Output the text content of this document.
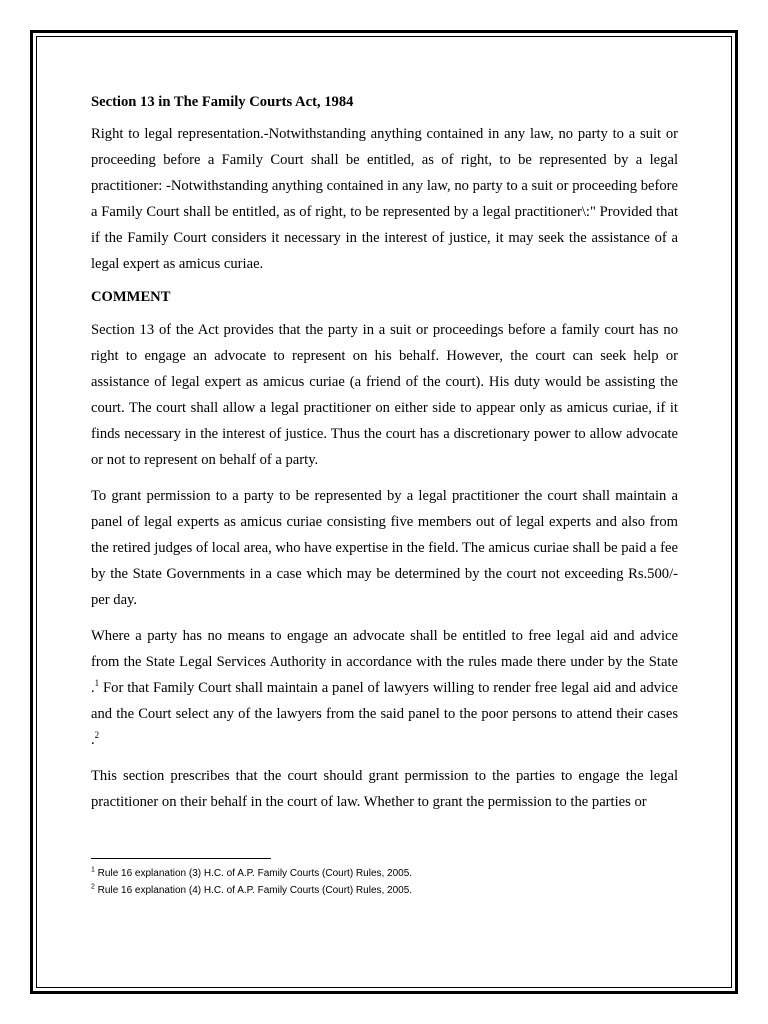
Section 13 in The Family Courts Act, 1984

Right to legal representation.-Notwithstanding anything contained in any law, no party to a suit or proceeding before a Family Court shall be entitled, as of right, to be represented by a legal practitioner: -Notwithstanding anything contained in any law, no party to a suit or proceeding before a Family Court shall be entitled, as of right, to be represented by a legal practitioner\:" Provided that if the Family Court considers it necessary in the interest of justice, it may seek the assistance of a legal expert as amicus curiae.

COMMENT

Section 13 of the Act provides that the party in a suit or proceedings before a family court has no right to engage an advocate to represent on his behalf. However, the court can seek help or assistance of legal expert as amicus curiae (a friend of the court). His duty would be assisting the court. The court shall allow a legal practitioner on either side to appear only as amicus curiae, if it finds necessary in the interest of justice. Thus the court has a discretionary power to allow advocate or not to represent on behalf of a party.

To grant permission to a party to be represented by a legal practitioner the court shall maintain a panel of legal experts as amicus curiae consisting five members out of legal experts and also from the retired judges of local area, who have expertise in the field. The amicus curiae shall be paid a fee by the State Governments in a case which may be determined by the court not exceeding Rs.500/- per day.

Where a party has no means to engage an advocate shall be entitled to free legal aid and advice from the State Legal Services Authority in accordance with the rules made there under by the State .$^1$ For that Family Court shall maintain a panel of lawyers willing to render free legal aid and advice and the Court select any of the lawyers from the said panel to the poor persons to attend their cases .$^2$

This section prescribes that the court should grant permission to the parties to engage the legal practitioner on their behalf in the court of law. Whether to grant the permission to the parties or

$^1$ Rule 16 explanation (3) H.C. of A.P. Family Courts (Court) Rules, 2005.
$^2$ Rule 16 explanation (4) H.C. of A.P. Family Courts (Court) Rules, 2005.
